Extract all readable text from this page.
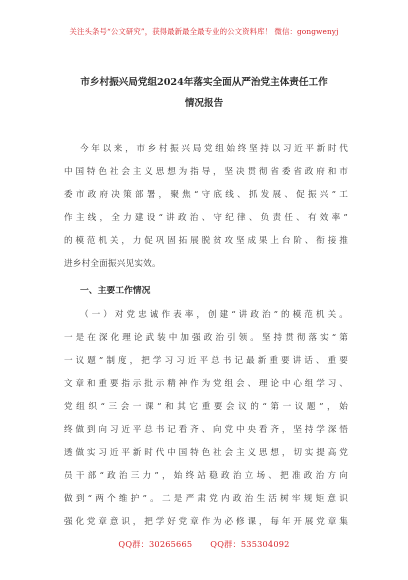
关注头条号“公文研究”，获得最新最全最专业的公文资料库！ 微信：gongwenyj
市乡村振兴局党组2024年落实全面从严治党主体责任工作
情况报告
今年以来，市乡村振兴局党组始终坚持以习近平新时代
中国特色社会主义思想为指导，坚决贯彻省委省政府和市
委市政府决策部署，聚焦“守底线、抓发展、促振兴”工
作主线，全力建设“讲政治、守纪律、负责任、有效率”
的模范机关，力促巩固拓展脱贫攻坚成果上台阶、衔接推
进乡村全面振兴见实效。
一、主要工作情况
（一）对党忠诚作表率，创建“讲政治”的模范机关。
一是在深化理论武装中加强政治引领。坚持贯彻落实“第
一议题”制度，把学习习近平总书记最新重要讲话、重要
文章和重要指示批示精神作为党组会、理论中心组学习、
党组织“三会一课”和其它重要会议的“第一议题”，始
终做到向习近平总书记看齐、向党中央看齐，坚持学深悟
透做实习近平新时代中国特色社会主义思想，切实提高党
员干部“政治三力”，始终站稳政治立场、把准政治方向
做到“两个维护”。二是严肃党内政治生活树牢规矩意识
强化党章意识，把学好党章作为必修课，每年开展党章集
QQ群：30265665 QQ群：535304092
